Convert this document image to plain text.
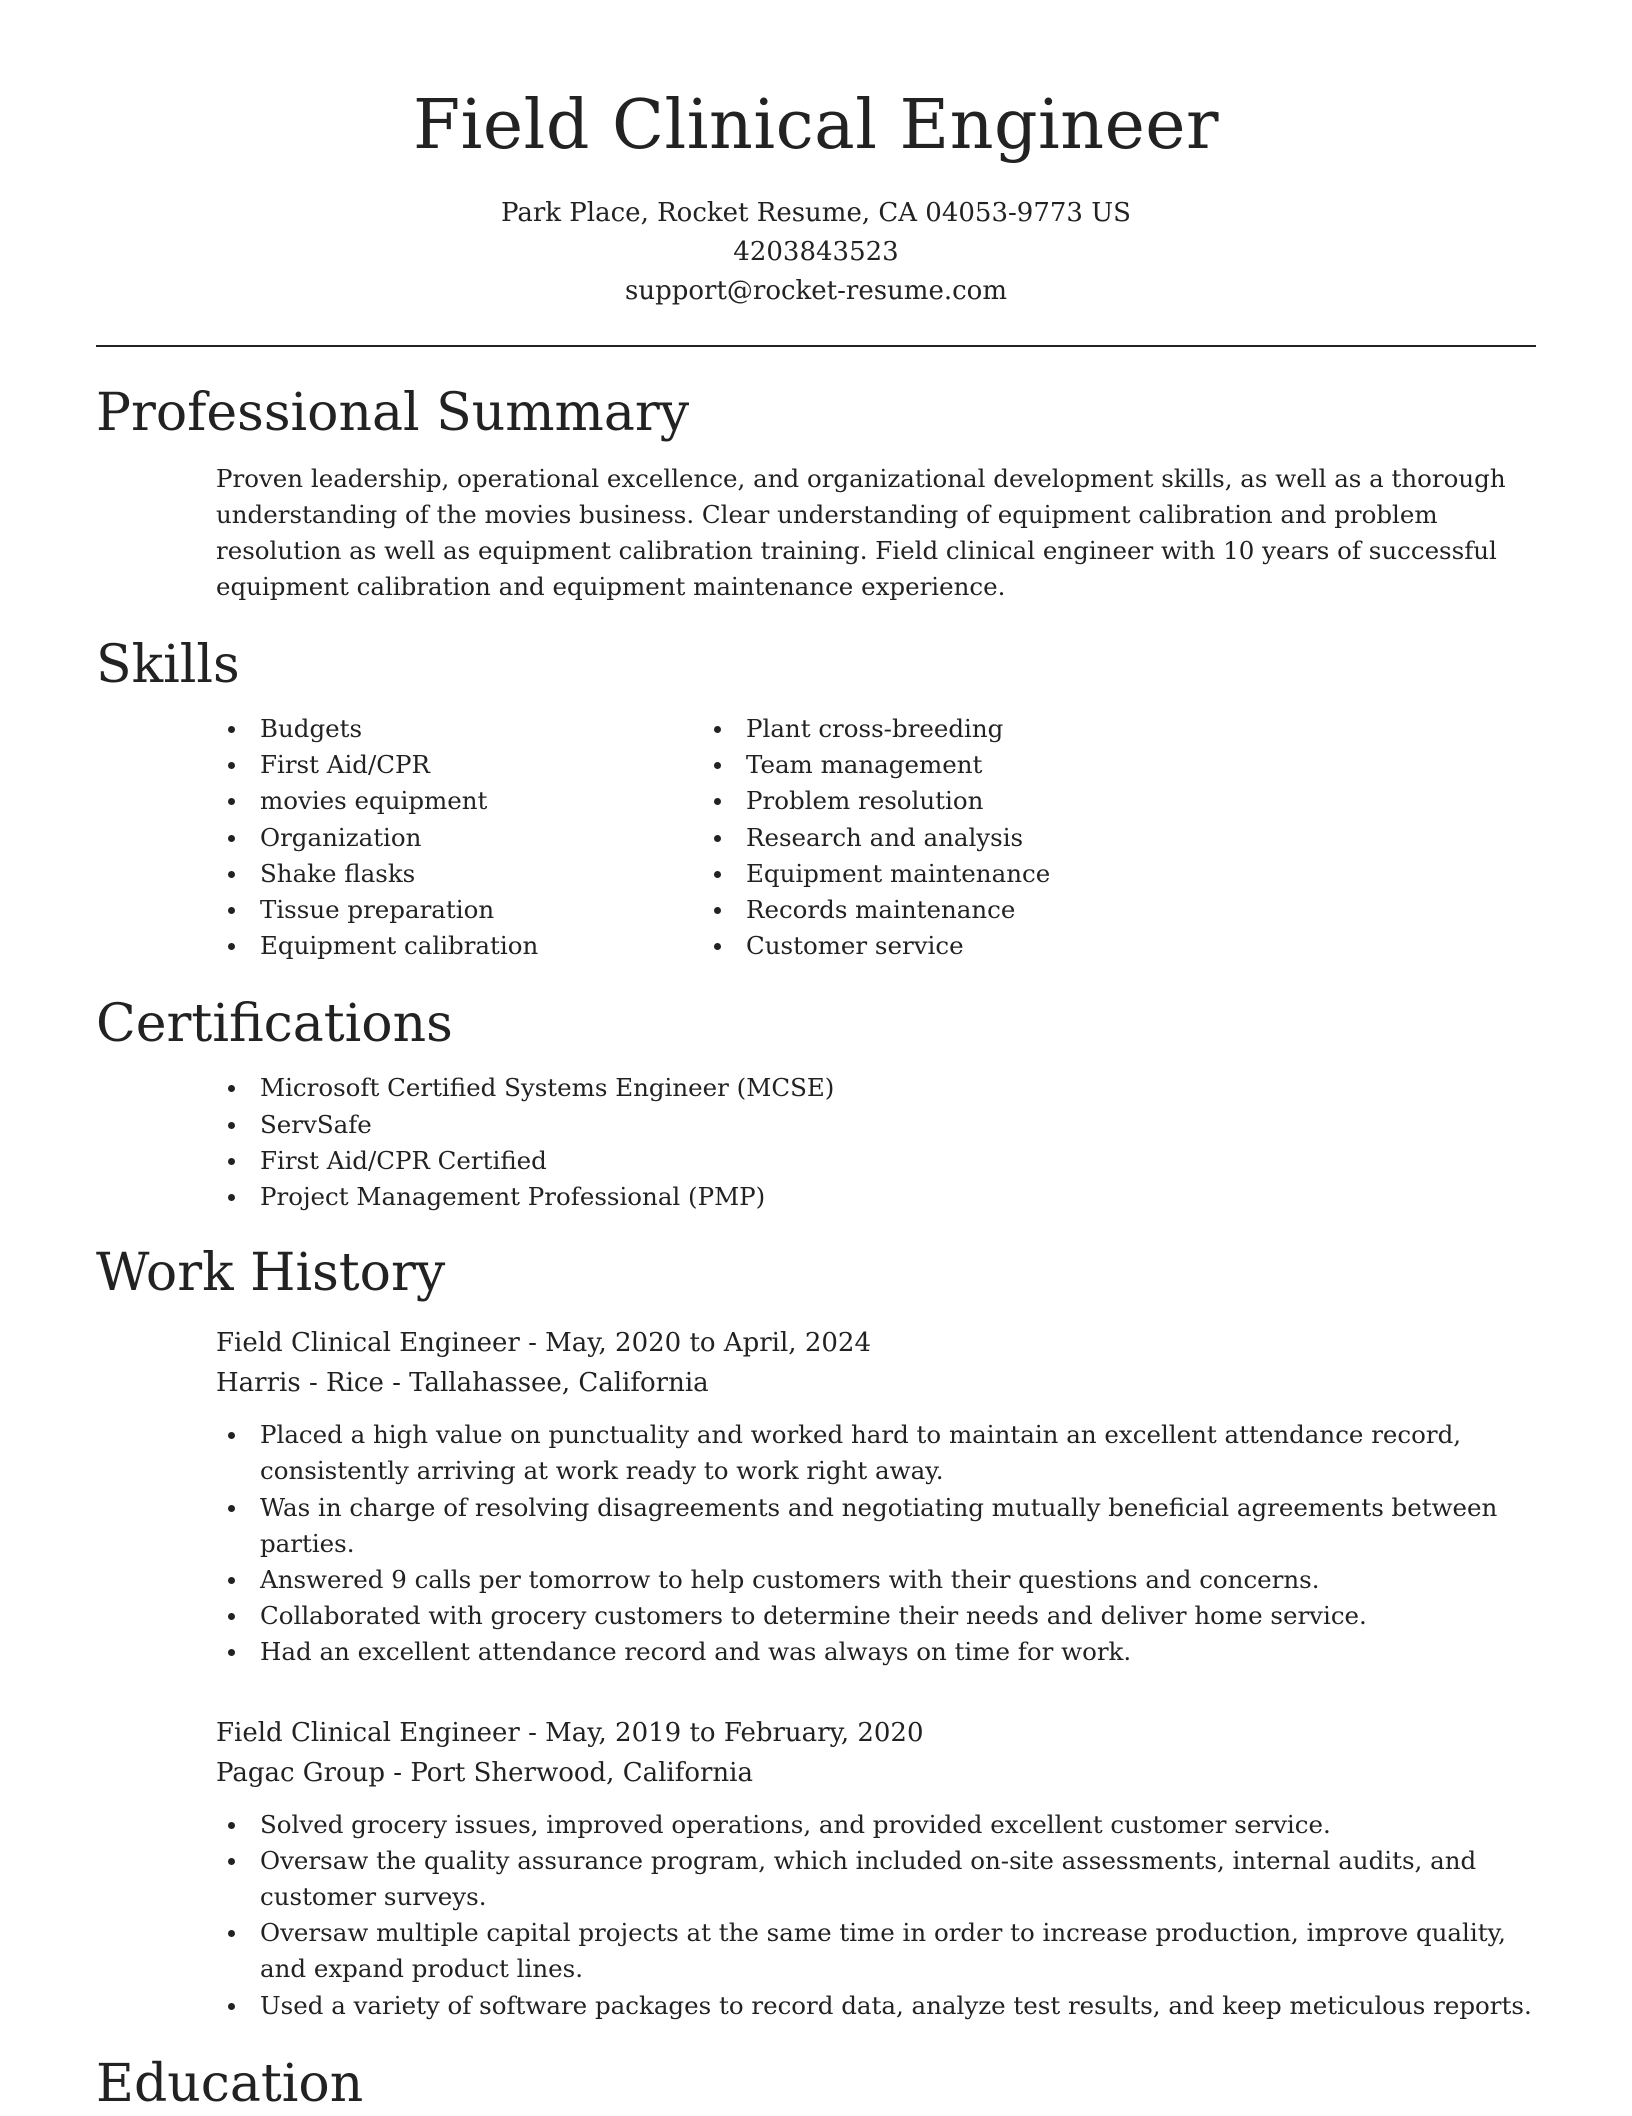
Field Clinical Engineer
Park Place, Rocket Resume, CA 04053-9773 US
4203843523
support@rocket-resume.com
Professional Summary

Proven leadership, operational excellence, and organizational development skills, as well as a thorough understanding of the movies business. Clear understanding of equipment calibration and problem resolution as well as equipment calibration training. Field clinical engineer with 10 years of successful equipment calibration and equipment maintenance experience.

Skills
Budgets
First Aid/CPR
movies equipment
Organization
Shake flasks
Tissue preparation
Equipment calibration
Plant cross-breeding
Team management
Problem resolution
Research and analysis
Equipment maintenance
Records maintenance
Customer service
Certifications
Microsoft Certified Systems Engineer (MCSE)
ServSafe
First Aid/CPR Certified
Project Management Professional (PMP)
Work History
Field Clinical Engineer - May, 2020 to April, 2024
Harris - Rice - Tallahassee, California
Placed a high value on punctuality and worked hard to maintain an excellent attendance record, consistently arriving at work ready to work right away.
Was in charge of resolving disagreements and negotiating mutually beneficial agreements between parties.
Answered 9 calls per tomorrow to help customers with their questions and concerns.
Collaborated with grocery customers to determine their needs and deliver home service.
Had an excellent attendance record and was always on time for work.
Field Clinical Engineer - May, 2019 to February, 2020
Pagac Group - Port Sherwood, California
Solved grocery issues, improved operations, and provided excellent customer service.
Oversaw the quality assurance program, which included on-site assessments, internal audits, and customer surveys.
Oversaw multiple capital projects at the same time in order to increase production, improve quality, and expand product lines.
Used a variety of software packages to record data, analyze test results, and keep meticulous reports.
Education
